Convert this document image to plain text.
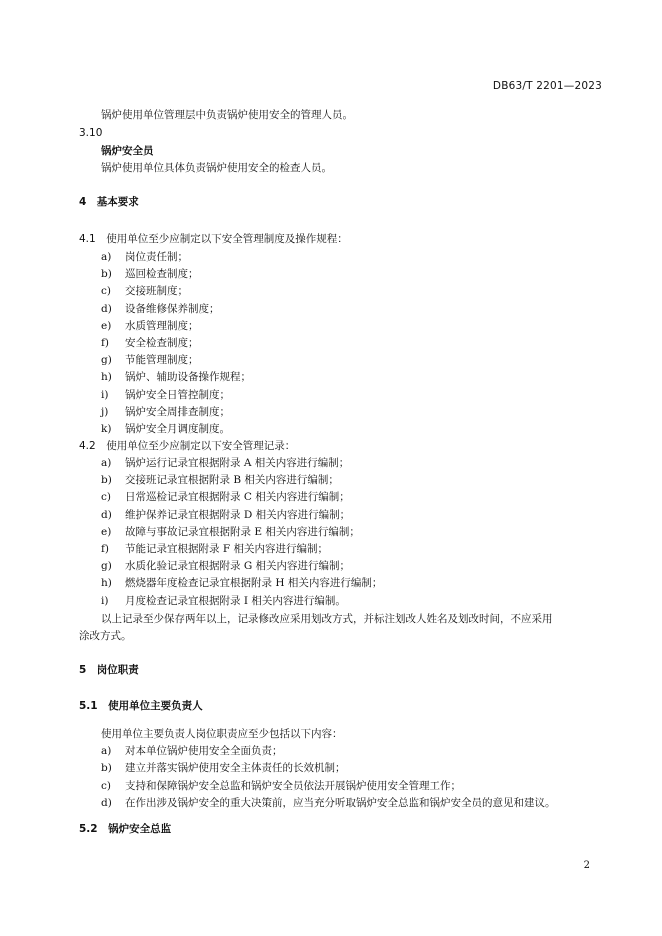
DB63/T 2201—2023
锅炉使用单位管理层中负责锅炉使用安全的管理人员。
3.10
锅炉安全员
锅炉使用单位具体负责锅炉使用安全的检查人员。
4　基本要求
4.1　 使用单位至少应制定以下安全管理制度及操作规程：
a) 岗位责任制；
b) 巡回检查制度；
c) 交接班制度；
d) 设备维修保养制度；
e) 水质管理制度；
f) 安全检查制度；
g) 节能管理制度；
h) 锅炉、辅助设备操作规程；
i) 锅炉安全日管控制度；
j) 锅炉安全周排查制度；
k) 锅炉安全月调度制度。
4.2　 使用单位至少应制定以下安全管理记录：
a) 锅炉运行记录宜根据附录 A 相关内容进行编制；
b) 交接班记录宜根据附录 B 相关内容进行编制；
c) 日常巡检记录宜根据附录 C 相关内容进行编制；
d) 维护保养记录宜根据附录 D 相关内容进行编制；
e) 故障与事故记录宜根据附录 E 相关内容进行编制；
f) 节能记录宜根据附录 F 相关内容进行编制；
g) 水质化验记录宜根据附录 G 相关内容进行编制；
h) 燃烧器年度检查记录宜根据附录 H 相关内容进行编制；
i) 月度检查记录宜根据附录 I 相关内容进行编制。
以上记录至少保存两年以上，记录修改应采用划改方式，并标注划改人姓名及划改时间，不应采用
涂改方式。
5　岗位职责
5.1　使用单位主要负责人
使用单位主要负责人岗位职责应至少包括以下内容：
a) 对本单位锅炉使用安全全面负责；
b) 建立并落实锅炉使用安全主体责任的长效机制；
c) 支持和保障锅炉安全总监和锅炉安全员依法开展锅炉使用安全管理工作；
d) 在作出涉及锅炉安全的重大决策前，应当充分听取锅炉安全总监和锅炉安全员的意见和建议。
5.2　锅炉安全总监
2
